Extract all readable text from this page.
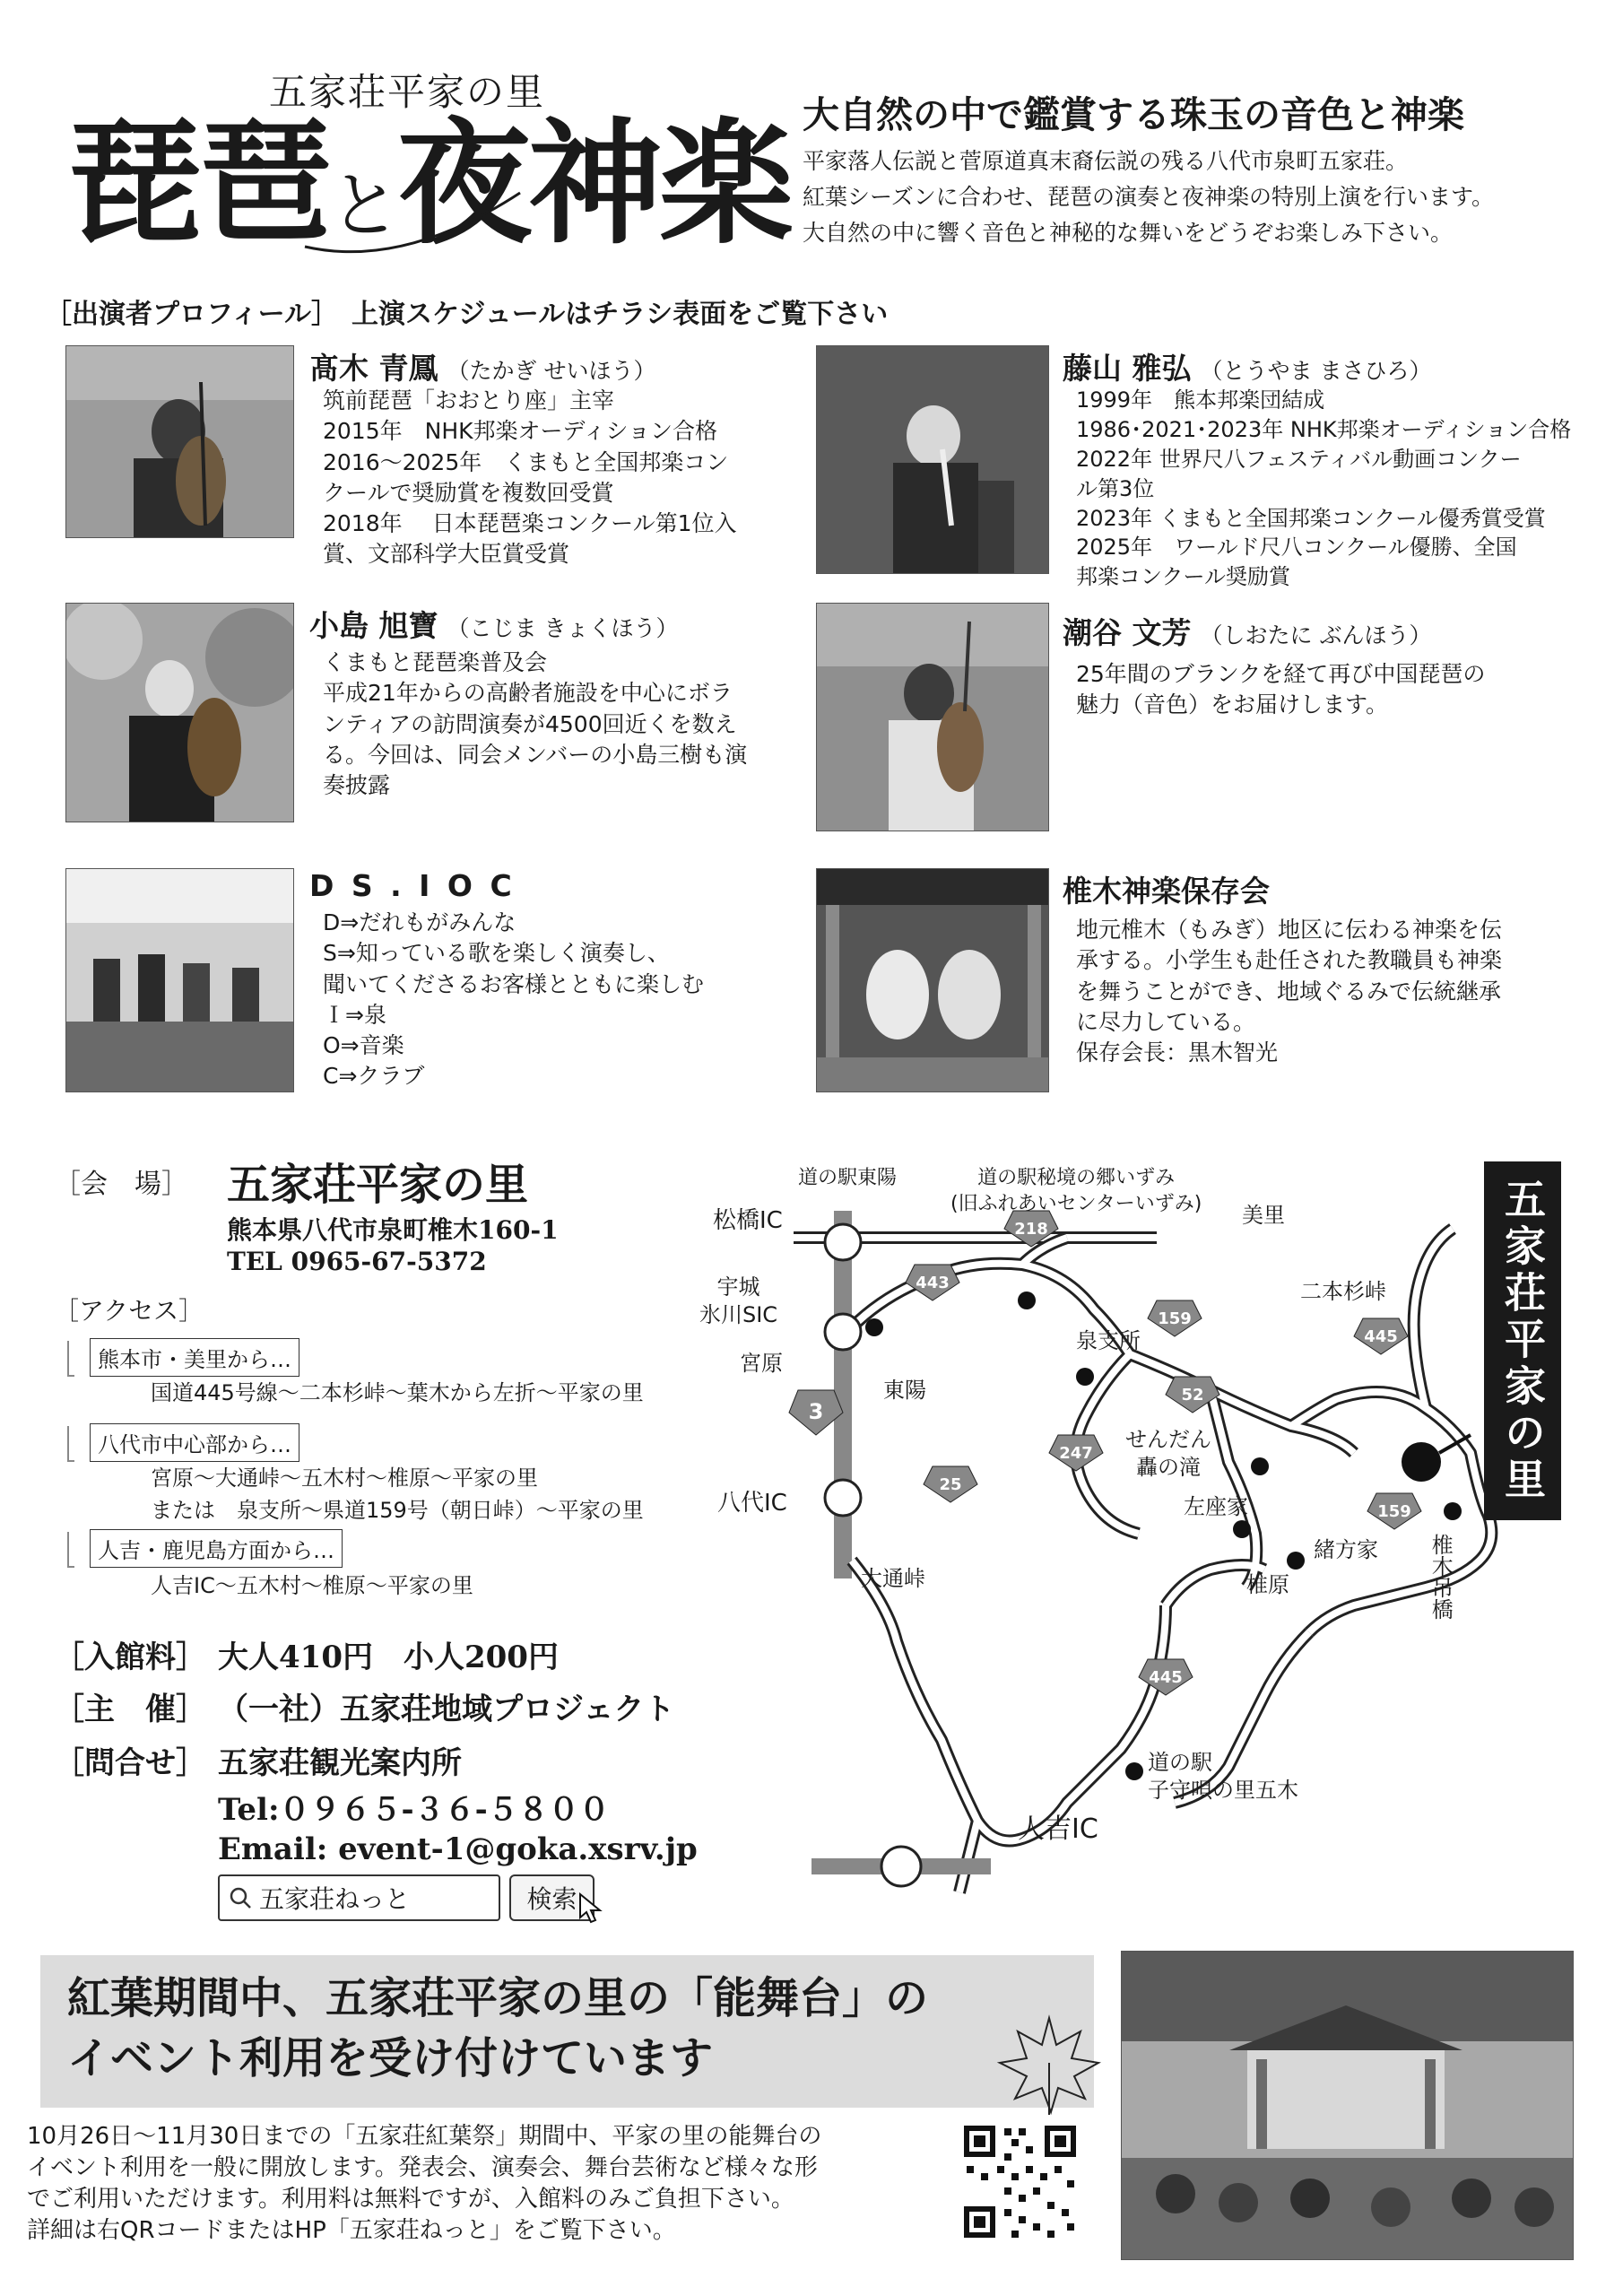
五家荘平家の里
琵琶と夜神楽 大自然の中で鑑賞する珠玉の音色と神楽
平家落人伝説と菅原道真末裔伝説の残る八代市泉町五家荘。
紅葉シーズンに合わせ、琵琶の演奏と夜神楽の特別上演を行います。
大自然の中に響く音色と神秘的な舞いをどうぞお楽しみ下さい。
［出演者プロフィール］　上演スケジュールはチラシ表面をご覧下さい
髙木 青鳳 （たかぎ せいほう）
筑前琵琶「おおとり座」主宰
2015年　NHK邦楽オーディション合格
2016～2025年　くまもと全国邦楽コン
クールで奨励賞を複数回受賞
2018年　 日本琵琶楽コンクール第1位入
賞、文部科学大臣賞受賞
藤山 雅弘 （とうやま まさひろ）
1999年　熊本邦楽団結成
1986･2021･2023年 NHK邦楽オーディション合格
2022年 世界尺八フェスティバル動画コンクー
ル第3位
2023年 くまもと全国邦楽コンクール優秀賞受賞
2025年　ワールド尺八コンクール優勝、全国
邦楽コンクール奨励賞
小島 旭寶 （こじま きょくほう）
くまもと琵琶楽普及会
平成21年からの高齢者施設を中心にボラ
ンティアの訪問演奏が4500回近くを数え
る。今回は、同会メンバーの小島三樹も演
奏披露
潮谷 文芳 （しおたに ぶんほう）
25年間のブランクを経て再び中国琵琶の
魅力（音色）をお届けします。
D S . I O C
D⇒だれもがみんな
S⇒知っている歌を楽しく演奏し、
聞いてくださるお客様とともに楽しむ
Ｉ⇒泉
O⇒音楽
C⇒クラブ
椎木神楽保存会
地元椎木（もみぎ）地区に伝わる神楽を伝
承する。小学生も赴任された教職員も神楽
を舞うことができ、地域ぐるみで伝統継承
に尽力している。
保存会長：黒木智光
［会　場］ 五家荘平家の里
熊本県八代市泉町椎木160-1
TEL 0965-67-5372
［アクセス］
熊本市・美里から…
国道445号線～二本杉峠～葉木から左折～平家の里
八代市中心部から…
宮原～大通峠～五木村～椎原～平家の里
または　泉支所～県道159号（朝日峠）～平家の里
人吉・鹿児島方面から…
人吉IC～五木村～椎原～平家の里
［入館料］ 大人410円　小人200円
［主　催］ （一社）五家荘地域プロジェクト
［問合せ］ 五家荘観光案内所
Tel:０９６５-３６-５８００
Email: event-1@goka.xsrv.jp
五家荘ねっと	検索
218
443
159
445
52
247
3
25
159
445
道の駅東陽	道の駅秘境の郷いずみ
(旧ふれあいセンターいずみ)
松橋IC	美里
宇城
氷川SIC
宮原
東陽
二本杉峠
泉支所
せんだん
轟の滝
左座家
緒方家 椎木吊橋
八代IC
大通峠	椎原
道の駅
子守唄の里五木
人吉IC
五家荘平家の里
紅葉期間中、五家荘平家の里の「能舞台」の
イベント利用を受け付けています
10月26日～11月30日までの「五家荘紅葉祭」期間中、平家の里の能舞台の
イベント利用を一般に開放します。発表会、演奏会、舞台芸術など様々な形
でご利用いただけます。利用料は無料ですが、入館料のみご負担下さい。
詳細は右QRコードまたはHP「五家荘ねっと」をご覧下さい。
